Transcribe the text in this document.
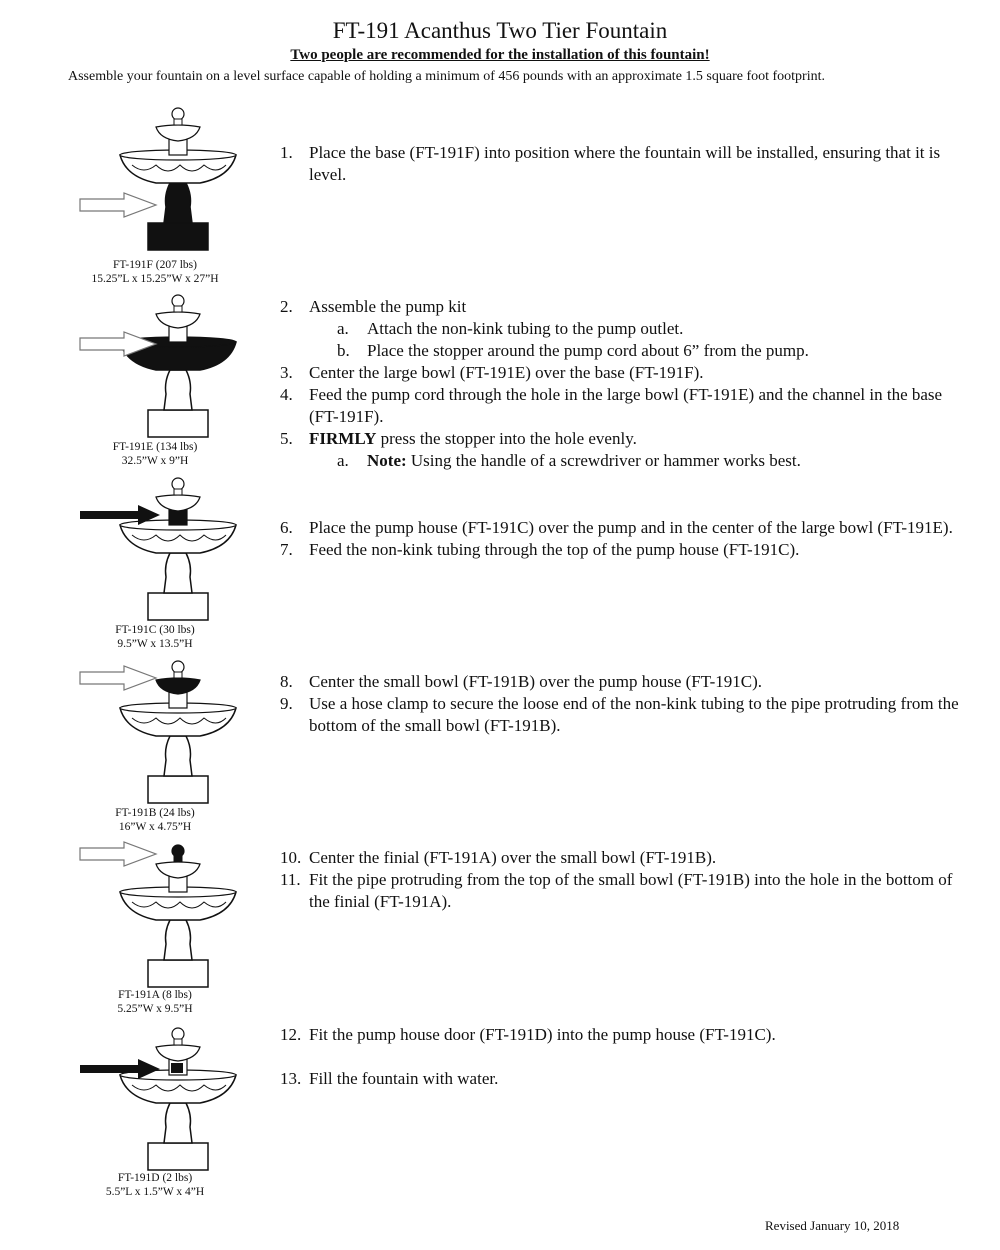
FT-191 Acanthus Two Tier Fountain
Two people are recommended for the installation of this fountain!
Assemble your fountain on a level surface capable of holding a minimum of 456 pounds with an approximate 1.5 square foot footprint.
FT-191F (207 lbs)
15.25”L x 15.25”W x 27”H
FT-191E (134 lbs)
32.5”W x 9”H
FT-191C (30 lbs)
9.5”W x 13.5”H
FT-191B (24 lbs)
16”W x 4.75”H
FT-191A (8 lbs)
5.25”W x 9.5”H
FT-191D (2 lbs)
5.5”L x 1.5”W x 4”H
1. Place the base (FT-191F) into position where the fountain will be installed, ensuring that it is level.
2. Assemble the pump kit
a. Attach the non-kink tubing to the pump outlet.
b. Place the stopper around the pump cord about 6” from the pump.
3. Center the large bowl (FT-191E) over the base (FT-191F).
4. Feed the pump cord through the hole in the large bowl (FT-191E) and the channel in the base (FT-191F).
5. FIRMLY press the stopper into the hole evenly.
a. Note: Using the handle of a screwdriver or hammer works best.
6. Place the pump house (FT-191C) over the pump and in the center of the large bowl (FT-191E).
7. Feed the non-kink tubing through the top of the pump house (FT-191C).
8. Center the small bowl (FT-191B) over the pump house (FT-191C).
9. Use a hose clamp to secure the loose end of the non-kink tubing to the pipe protruding from the bottom of the small bowl (FT-191B).
10. Center the finial (FT-191A) over the small bowl (FT-191B).
11. Fit the pipe protruding from the top of the small bowl (FT-191B) into the hole in the bottom of the finial (FT-191A).
12. Fit the pump house door (FT-191D) into the pump house (FT-191C).
13. Fill the fountain with water.
Revised January 10, 2018
